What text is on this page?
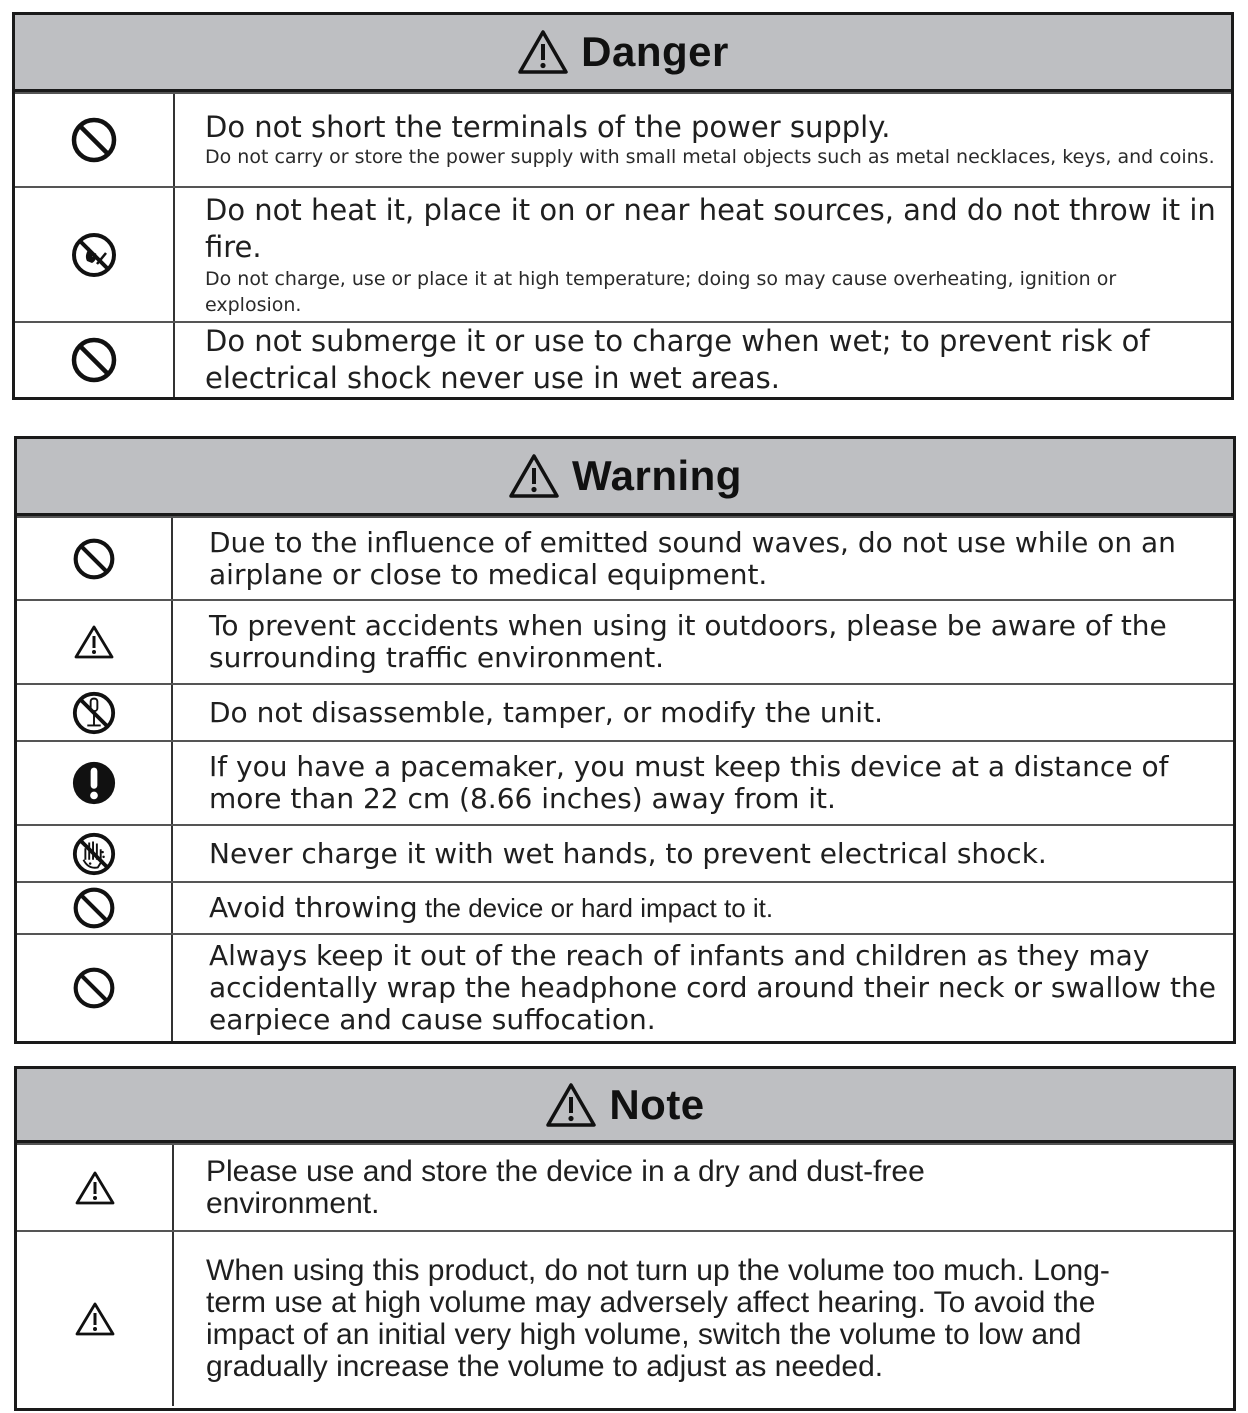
Danger
Do not short the terminals of the power supply.
Do not carry or store the power supply with small metal objects such as metal necklaces, keys, and coins.
Do not heat it, place it on or near heat sources, and do not throw it in fire.
Do not charge, use or place it at high temperature; doing so may cause overheating, ignition or explosion.
Do not submerge it or use to charge when wet; to prevent risk of electrical shock never use in wet areas.
Warning
Due to the influence of emitted sound waves, do not use while on an airplane or close to medical equipment.
To prevent accidents when using it outdoors, please be aware of the surrounding traffic environment.
Do not disassemble, tamper, or modify the unit.
If you have a pacemaker, you must keep this device at a distance of more than 22 cm (8.66 inches) away from it.
Never charge it with wet hands, to prevent electrical shock.
Avoid throwing the device or hard impact to it.
Always keep it out of the reach of infants and children as they may accidentally wrap the headphone cord around their neck or swallow the earpiece and cause suffocation.
Note
Please use and store the device in a dry and dust-free environment.
When using this product, do not turn up the volume too much. Long-term use at high volume may adversely affect hearing. To avoid the impact of an initial very high volume, switch the volume to low and gradually increase the volume to adjust as needed.
